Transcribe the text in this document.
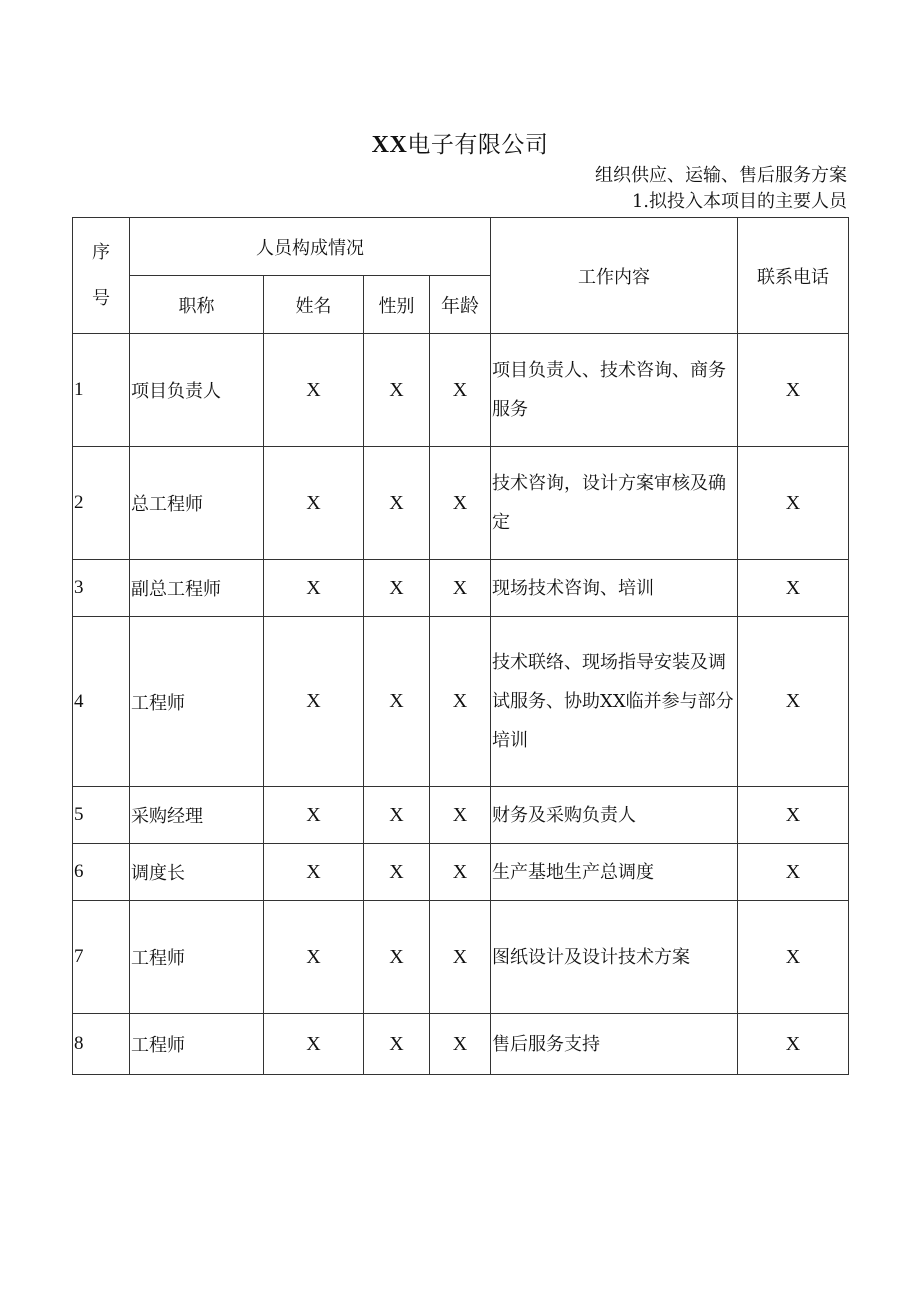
XX电子有限公司
组织供应、运输、售后服务方案
1.拟投入本项目的主要人员
序
号	人员构成情况				工作内容	联系电话
	职称	姓名	性别	年龄		
1	项目负责人	X	X	X	项目负责人、技术咨询、商务服务	X
2	总工程师	X	X	X	技术咨询，设计方案审核及确定	X
3	副总工程师	X	X	X	现场技术咨询、培训	X
4	工程师	X	X	X	技术联络、现场指导安装及调试服务、协助XX临并参与部分培训	X
5	采购经理	X	X	X	财务及采购负责人	X
6	调度长	X	X	X	生产基地生产总调度	X
7	工程师	X	X	X	图纸设计及设计技术方案	X
8	工程师	X	X	X	售后服务支持	X
